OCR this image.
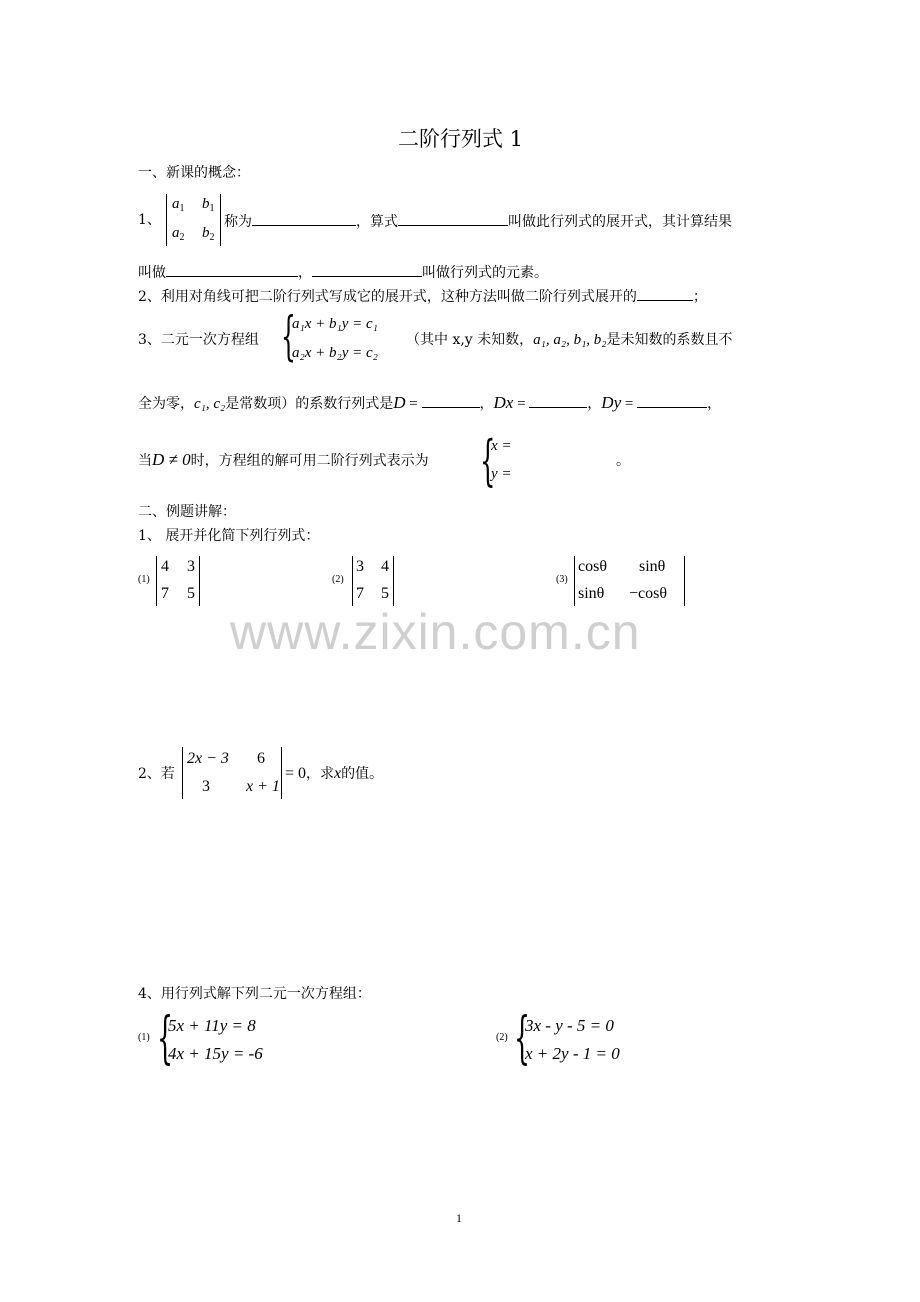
二阶行列式 1
一、新课的概念：
1、
$a_1$ $b_1$
$a_2$ $b_2$
称为	，算式	叫做此行列式的展开式，其计算结果
叫做	，	叫做行列式的元素。
2、利用对角线可把二阶行列式写成它的展开式，这种方法叫做二阶行列式展开的	；
3、二元一次方程组 {
a₁x + b₁y = c₁
a₂x + b₂y = c₂
（其中 x,y 未知数，a₁, a₂, b₁, b₂是未知数的系数且不
全为零，c₁, c₂是常数项）的系数行列式是D =	，Dx =	，Dy =	，
当D ≠ 0时，方程组的解可用二阶行列式表示为 {
x =
y =
。
二、例题讲解：
1、 展开并化简下列行列式：
(1)
4 3
7 5
(2)
3 4
7 5
(3)
cosθ sinθ
sinθ −cosθ
www.zixin.com.cn
2、若
2x − 3 6
3 x + 1
= 0，求x的值。
4、用行列式解下列二元一次方程组：
(1) {
5x + 11y = 8
4x + 15y = -6
(2) {
3x - y - 5 = 0
x + 2y - 1 = 0
1
